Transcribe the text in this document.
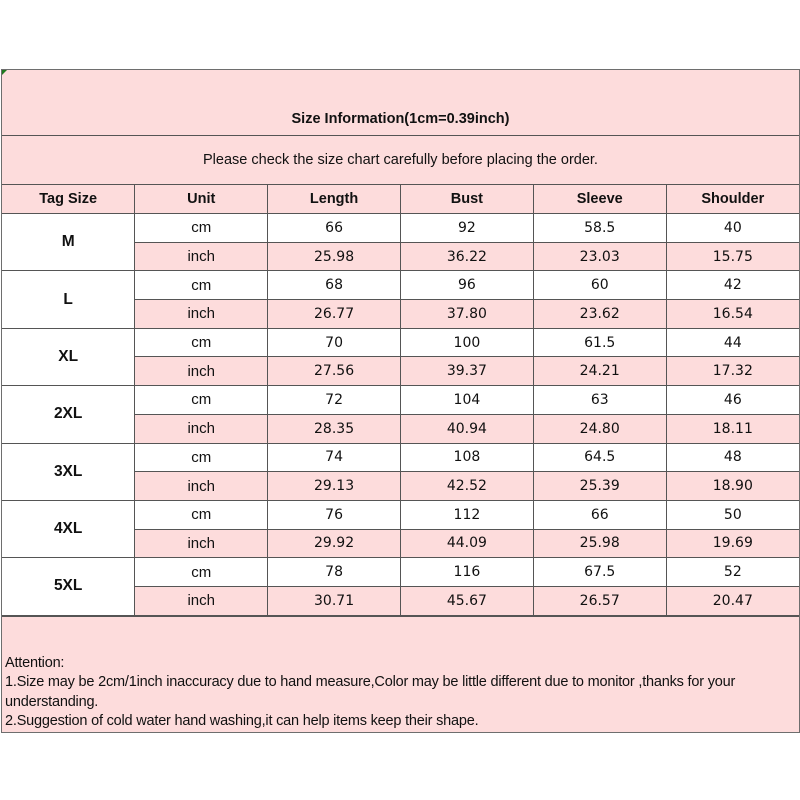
Size Information(1cm=0.39inch)
Please check the size chart carefully before placing the order.
Tag Size	Unit	Length	Bust	Sleeve	Shoulder
M	cm	66	92	58.5	40
	inch	25.98	36.22	23.03	15.75
L	cm	68	96	60	42
	inch	26.77	37.80	23.62	16.54
XL	cm	70	100	61.5	44
	inch	27.56	39.37	24.21	17.32
2XL	cm	72	104	63	46
	inch	28.35	40.94	24.80	18.11
3XL	cm	74	108	64.5	48
	inch	29.13	42.52	25.39	18.90
4XL	cm	76	112	66	50
	inch	29.92	44.09	25.98	19.69
5XL	cm	78	116	67.5	52
	inch	30.71	45.67	26.57	20.47

Attention:

1.Size may be 2cm/1inch inaccuracy due to hand measure,Color may be little different due to monitor ,thanks for your understanding.

2.Suggestion of cold water hand washing,it can help items keep their shape.
